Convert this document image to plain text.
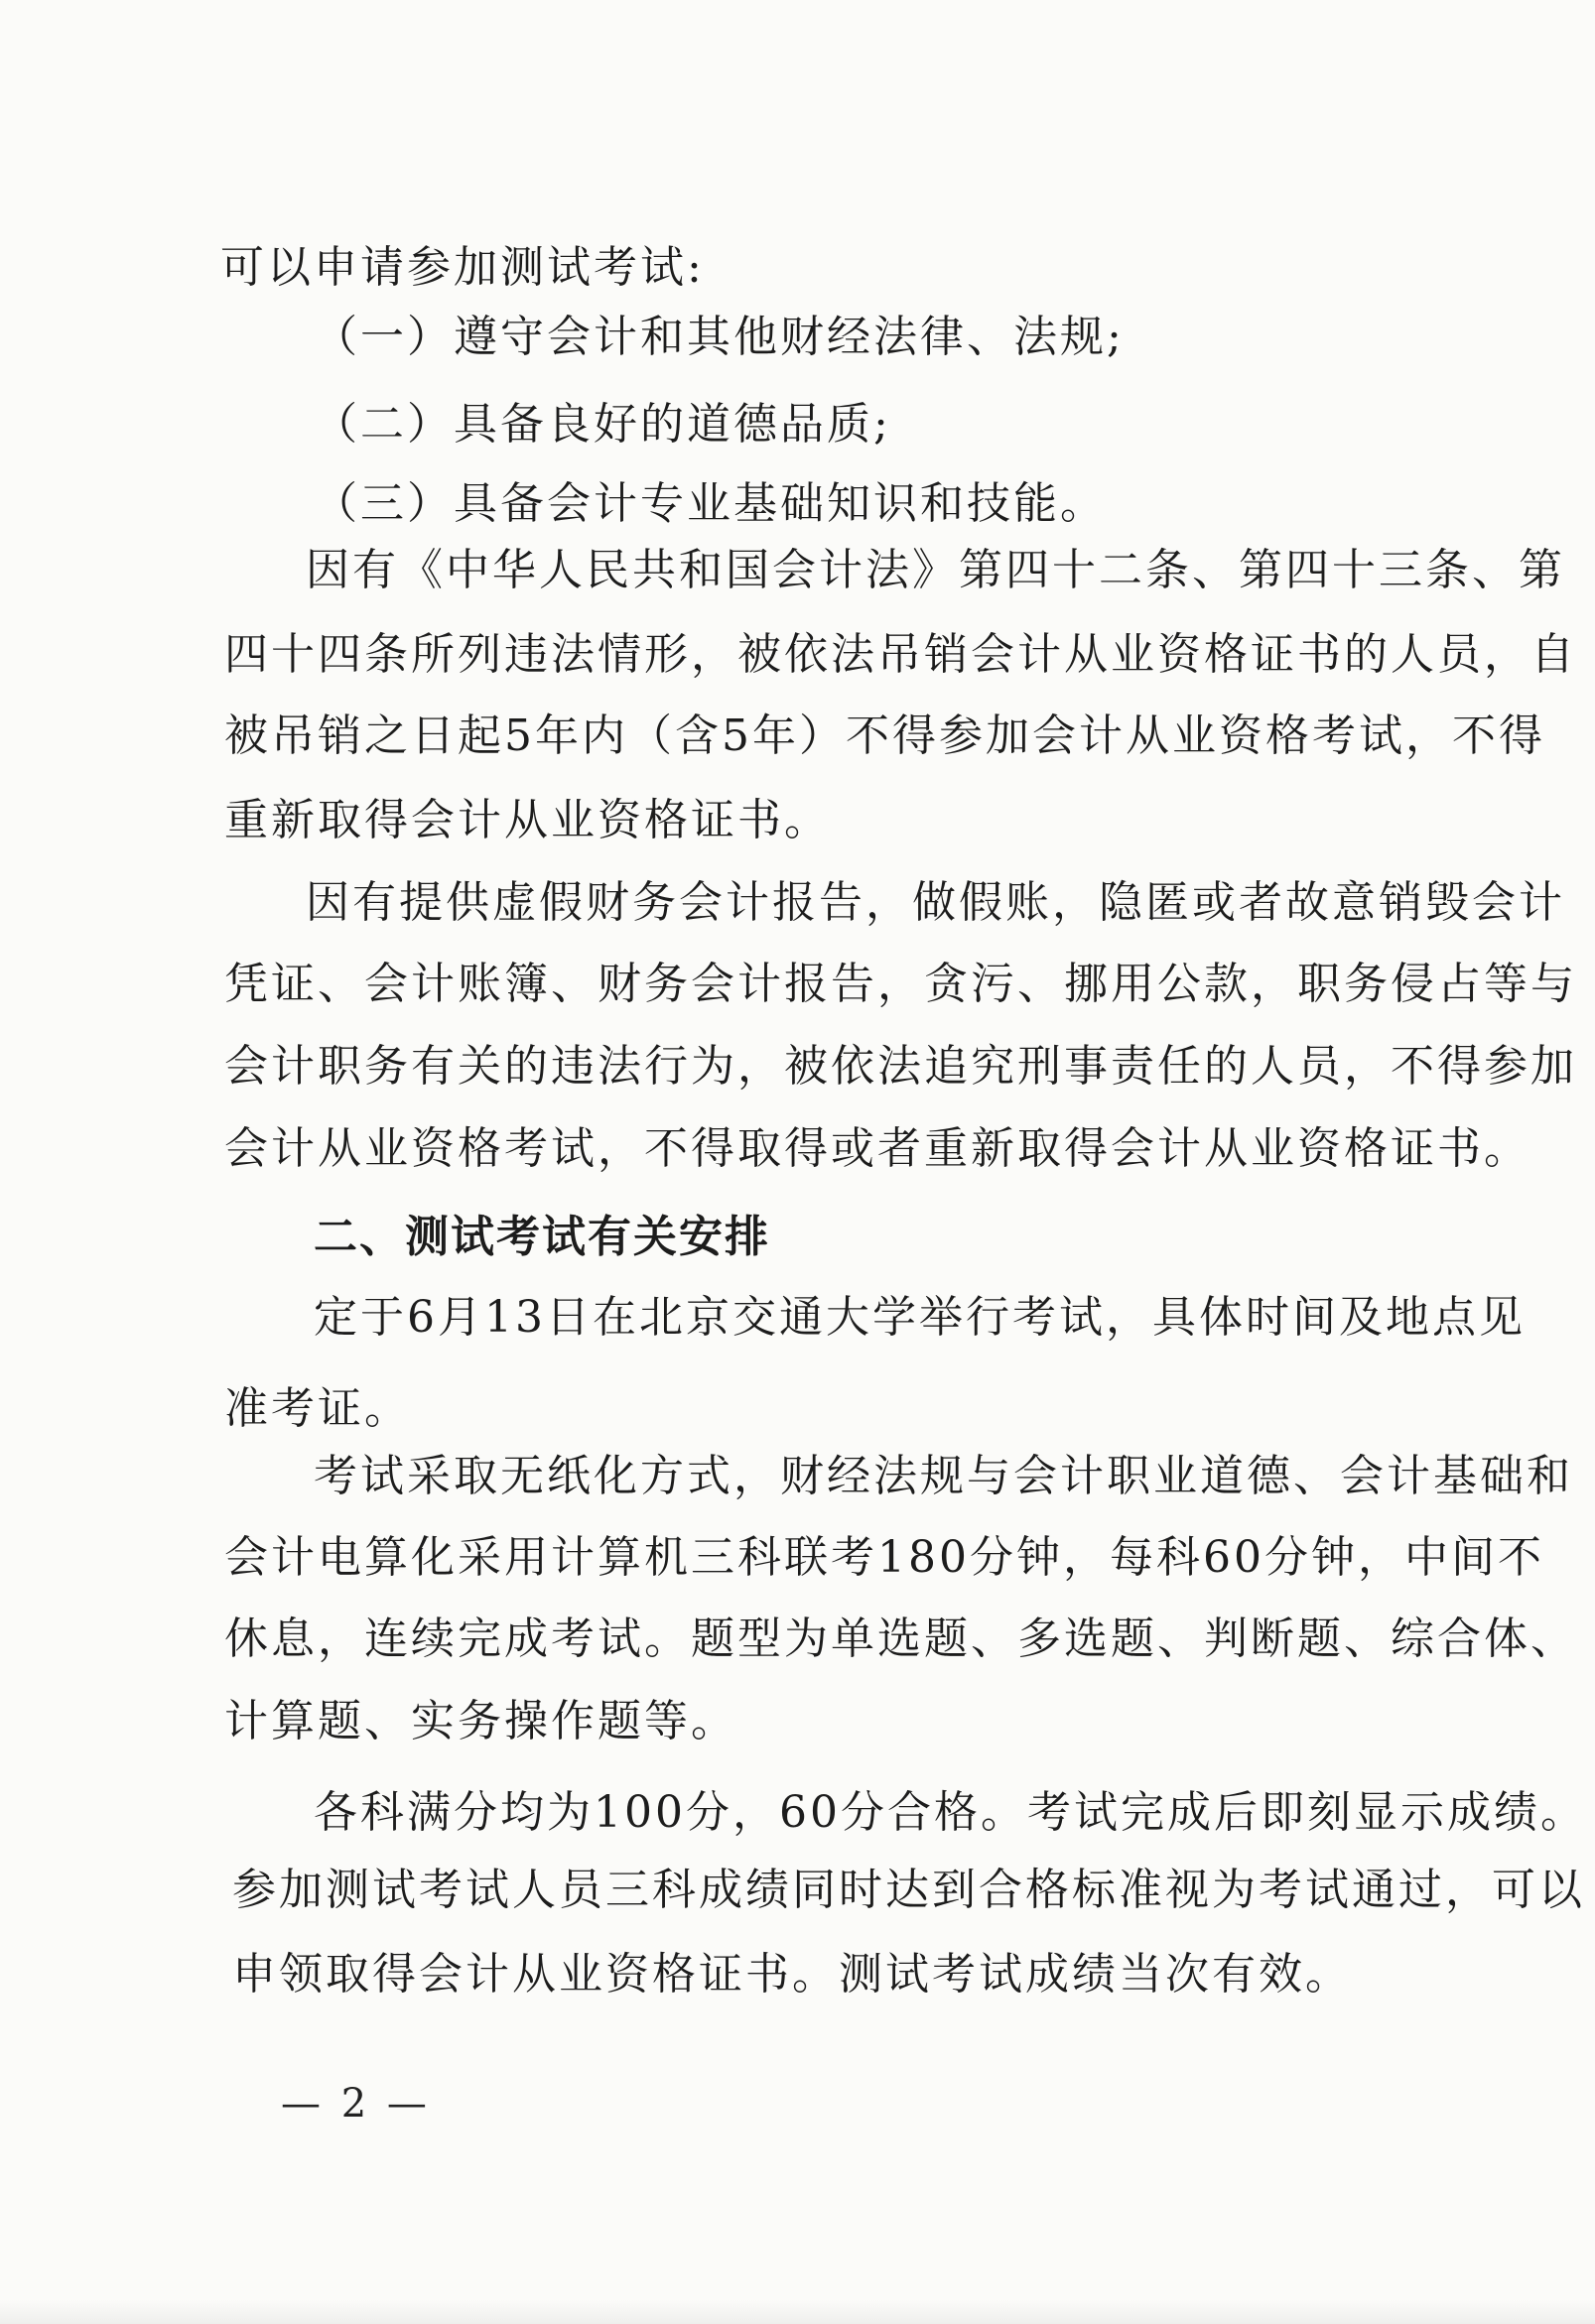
可以申请参加测试考试:
（一）遵守会计和其他财经法律、法规;
（二）具备良好的道德品质;
（三）具备会计专业基础知识和技能。
因有《中华人民共和国会计法》第四十二条、第四十三条、第
四十四条所列违法情形，被依法吊销会计从业资格证书的人员，自
被吊销之日起5年内（含5年）不得参加会计从业资格考试，不得
重新取得会计从业资格证书。
因有提供虚假财务会计报告，做假账，隐匿或者故意销毁会计
凭证、会计账簿、财务会计报告，贪污、挪用公款，职务侵占等与
会计职务有关的违法行为，被依法追究刑事责任的人员，不得参加
会计从业资格考试，不得取得或者重新取得会计从业资格证书。
二、测试考试有关安排
定于6月13日在北京交通大学举行考试，具体时间及地点见
准考证。
考试采取无纸化方式，财经法规与会计职业道德、会计基础和
会计电算化采用计算机三科联考180分钟，每科60分钟，中间不
休息，连续完成考试。题型为单选题、多选题、判断题、综合体、
计算题、实务操作题等。
各科满分均为100分，60分合格。考试完成后即刻显示成绩。
参加测试考试人员三科成绩同时达到合格标准视为考试通过，可以
申领取得会计从业资格证书。测试考试成绩当次有效。
— 2 —
